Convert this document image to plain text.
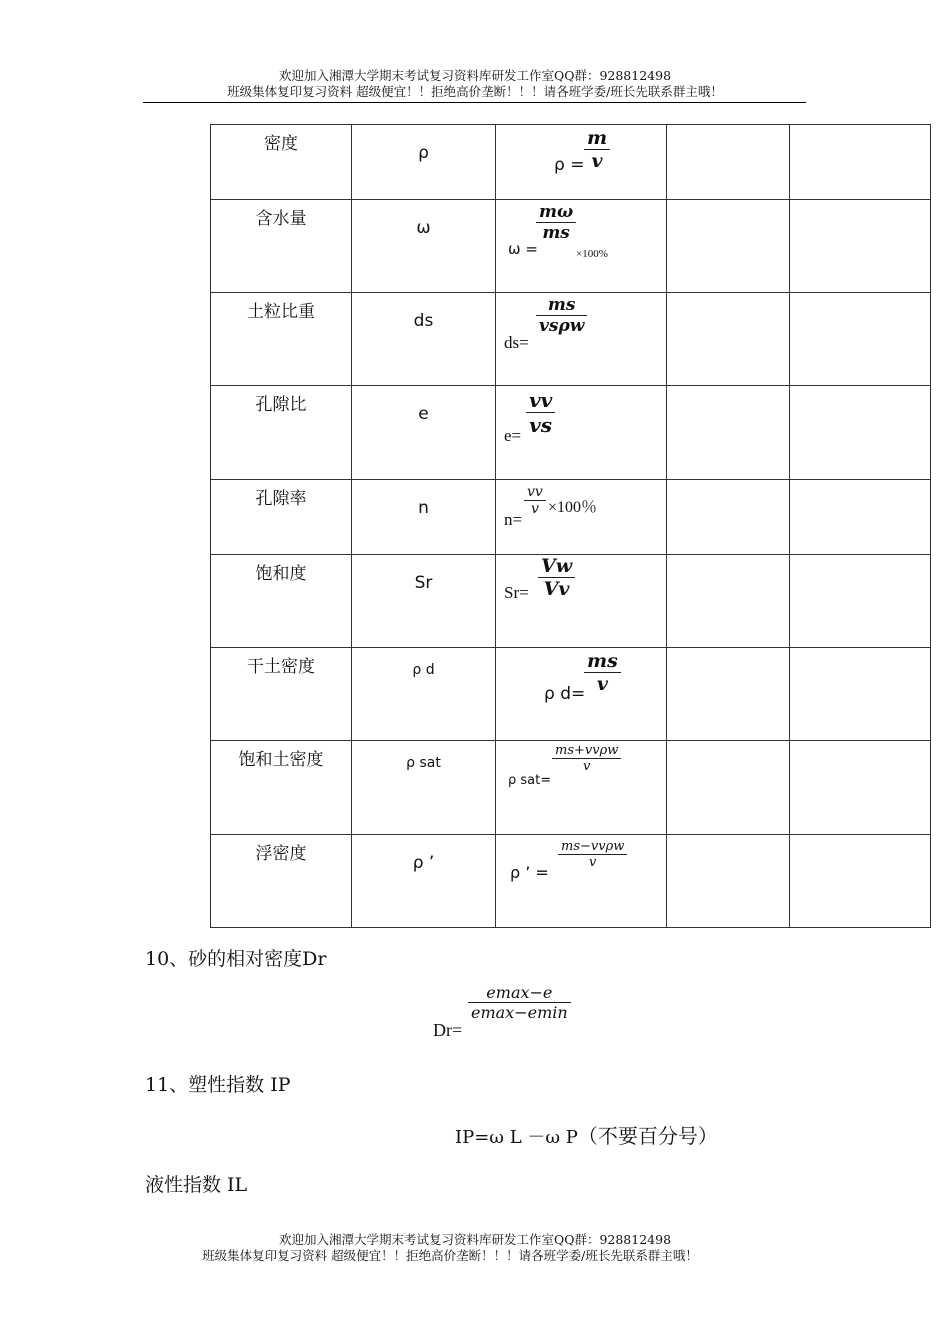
欢迎加入湘潭大学期末考试复习资料库研发工作室QQ群：928812498
班级集体复印复习资料 超级便宜！！拒绝高价垄断！！！请各班学委/班长先联系群主哦！
密度	ρ	$\rho = \frac{m}{v}$

含水量	ω	ω =
$\frac{m\omega}{ms}$
×100%		

土粒比重	ds	ds=
ms
vsρw		

孔隙比	e	$e= \frac{vv}{vs}$

孔隙率	n	n=
$\frac{vv}{v} \times 100$％		

饱和度	Sr	$Sr= \frac{Vw}{Vv}$

干土密度	ρ d	ρ d=
$\frac{ms}{v}$

饱和土密度	ρ sat	ρ sat=
ms+vvρw
v		

浮密度	ρ ’	ρ ’ =
ms−vvρw
v		

10、砂的相对密度Dr
Dr=
emax−e
emax−emin
11、塑性指数 IP
IP=ω L －ω P（不要百分号）
液性指数 IL
欢迎加入湘潭大学期末考试复习资料库研发工作室QQ群：928812498
班级集体复印复习资料 超级便宜！！拒绝高价垄断！！！请各班学委/班长先联系群主哦！
